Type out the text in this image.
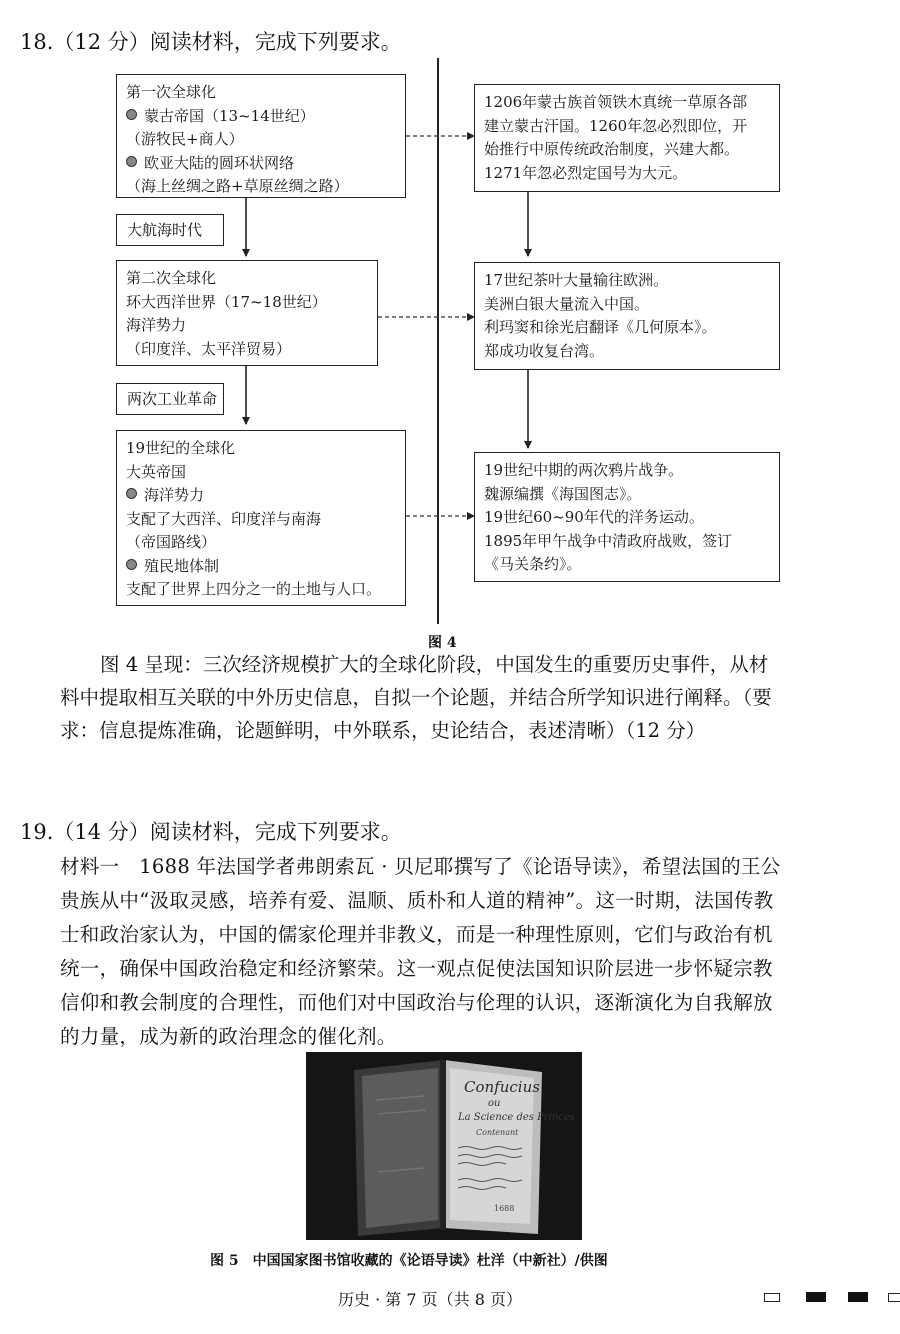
18.（12 分）阅读材料，完成下列要求。
第一次全球化
蒙古帝国（13~14世纪）
（游牧民+商人）
欧亚大陆的圆环状网络
（海上丝绸之路+草原丝绸之路）
第二次全球化
环大西洋世界（17~18世纪）
海洋势力
（印度洋、太平洋贸易）
19世纪的全球化
大英帝国
海洋势力
支配了大西洋、印度洋与南海
（帝国路线）
殖民地体制
支配了世界上四分之一的土地与人口。
大航海时代
两次工业革命
1206年蒙古族首领铁木真统一草原各部
建立蒙古汗国。1260年忽必烈即位，开
始推行中原传统政治制度，兴建大都。
1271年忽必烈定国号为大元。
17世纪茶叶大量输往欧洲。
美洲白银大量流入中国。
利玛窦和徐光启翻译《几何原本》。
郑成功收复台湾。
19世纪中期的两次鸦片战争。
魏源编撰《海国图志》。
19世纪60~90年代的洋务运动。
1895年甲午战争中清政府战败，签订
《马关条约》。
图 4
图 4 呈现：三次经济规模扩大的全球化阶段，中国发生的重要历史事件，从材
料中提取相互关联的中外历史信息，自拟一个论题，并结合所学知识进行阐释。（要
求：信息提炼准确，论题鲜明，中外联系，史论结合，表述清晰）（12 分）
19.（14 分）阅读材料，完成下列要求。
材料一　1688 年法国学者弗朗索瓦 · 贝尼耶撰写了《论语导读》，希望法国的王公
贵族从中“汲取灵感，培养有爱、温顺、质朴和人道的精神”。这一时期，法国传教
士和政治家认为，中国的儒家伦理并非教义，而是一种理性原则，它们与政治有机
统一，确保中国政治稳定和经济繁荣。这一观点促使法国知识阶层进一步怀疑宗教
信仰和教会制度的合理性，而他们对中国政治与伦理的认识，逐渐演化为自我解放
的力量，成为新的政治理念的催化剂。
Confucius
ou
La Science des Princes
Contenant
1688
图 5　中国国家图书馆收藏的《论语导读》杜洋（中新社）/供图
历史 · 第 7 页（共 8 页）
